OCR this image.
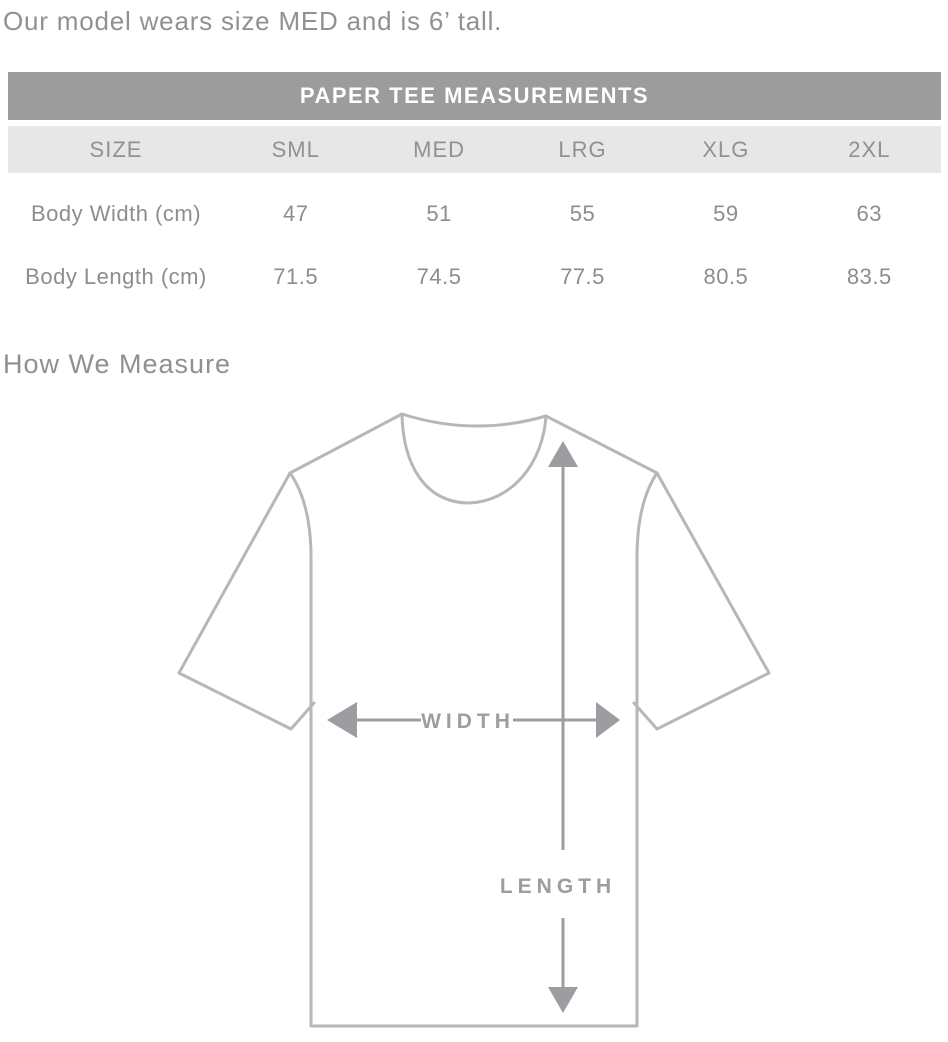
Our model wears size MED and is 6’ tall.
PAPER TEE MEASUREMENTS
SIZE	SML	MED	LRG	XLG	2XL
Body Width (cm)	47	51	55	59	63
Body Length (cm)	71.5	74.5	77.5	80.5	83.5
How We Measure
WIDTH
LENGTH
